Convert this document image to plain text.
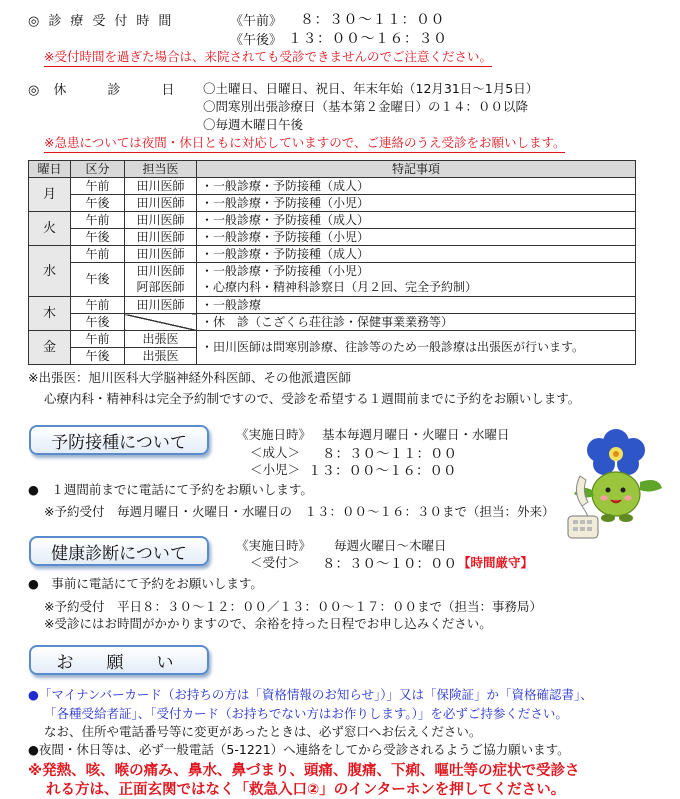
◎診療受付時間	《午前》 ８：３０～１１：００
《午後》 １３：００～１６：３０
※受付時間を過ぎた場合は、来院されても受診できませんのでご注意ください。
◎休　診　日 〇土曜日、日曜日、祝日、年末年始（12月31日～1月5日）
〇問寒別出張診療日（基本第２金曜日）の１４：００以降
〇毎週木曜日午後
※急患については夜間・休日ともに対応していますので、ご連絡のうえ受診をお願いします。
曜日	区分	担当医	特記事項
月	午前	田川医師	・一般診療・予防接種（成人）
	午後	田川医師	・一般診療・予防接種（小児）
火	午前	田川医師	・一般診療・予防接種（成人）
	午後	田川医師	・一般診療・予防接種（小児）
水	午前	田川医師	・一般診療・予防接種（成人）
	午後	田川医師	・一般診療・予防接種（小児）
		阿部医師	・心療内科・精神科診察日（月２回、完全予約制）
木	午前	田川医師	・一般診療
	午後		・休　診（こざくら荘往診・保健事業業務等）
金	午前	出張医	・田川医師は問寒別診療、往診等のため一般診療は出張医が行います。
	午後	出張医	
※出張医：旭川医科大学脳神経外科医師、その他派遣医師
心療内科・精神科は完全予約制ですので、受診を希望する１週間前までに予約をお願いします。
予防接種について	《実施日時》 基本毎週月曜日・火曜日・水曜日
＜成人＞ ８：３０～１１：００
＜小児＞ １３：００～１６：００
●　１週間前までに電話にて予約をお願いします。
※予約受付　毎週月曜日・火曜日・水曜日の　１３：００～１６：３０まで（担当：外来）
健康診断について	《実施日時》 毎週火曜日～木曜日
＜受付＞ ８：３０～１０：００ 【時間厳守】
●　事前に電話にて予約をお願いします。
※予約受付　平日８：３０～１２：００／１３：００～１７：００まで（担当：事務局）
※受診にはお時間がかかりますので、余裕を持った日程でお申し込みください。
お　願　い
●「マイナンバーカード（お持ちの方は「資格情報のお知らせ」）」又は「保険証」か「資格確認書」、
「各種受給者証」、「受付カード（お持ちでない方はお作りします。）」を必ずご持参ください。
なお、住所や電話番号等に変更があったときは、必ず窓口へお伝えください。
●夜間・休日等は、必ず一般電話（5-1221）へ連絡をしてから受診されるようご協力願います。
※発熱、咳、喉の痛み、鼻水、鼻づまり、頭痛、腹痛、下痢、嘔吐等の症状で受診さ
れる方は、正面玄関ではなく「救急入口②」のインターホンを押してください。
